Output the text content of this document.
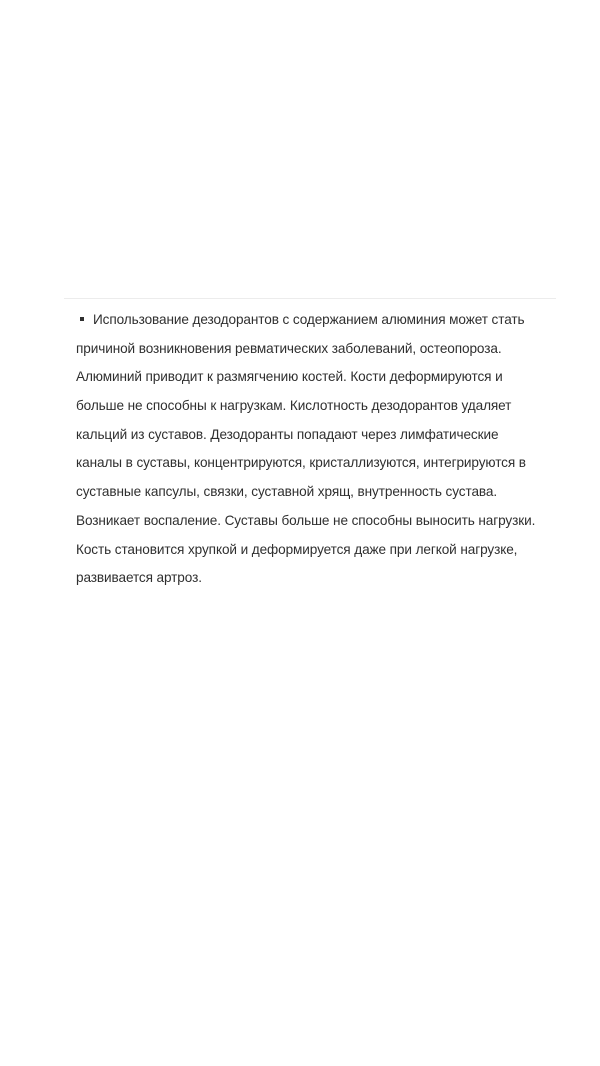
Использование дезодорантов с содержанием алюминия может стать
причиной возникновения ревматических заболеваний, остеопороза.
Алюминий приводит к размягчению костей. Кости деформируются и
больше не способны к нагрузкам. Кислотность дезодорантов удаляет
кальций из суставов. Дезодоранты попадают через лимфатические
каналы в суставы, концентрируются, кристаллизуются, интегрируются в
суставные капсулы, связки, суставной хрящ, внутренность сустава.
Возникает воспаление. Суставы больше не способны выносить нагрузки.
Кость становится хрупкой и деформируется даже при легкой нагрузке,
развивается артроз.
